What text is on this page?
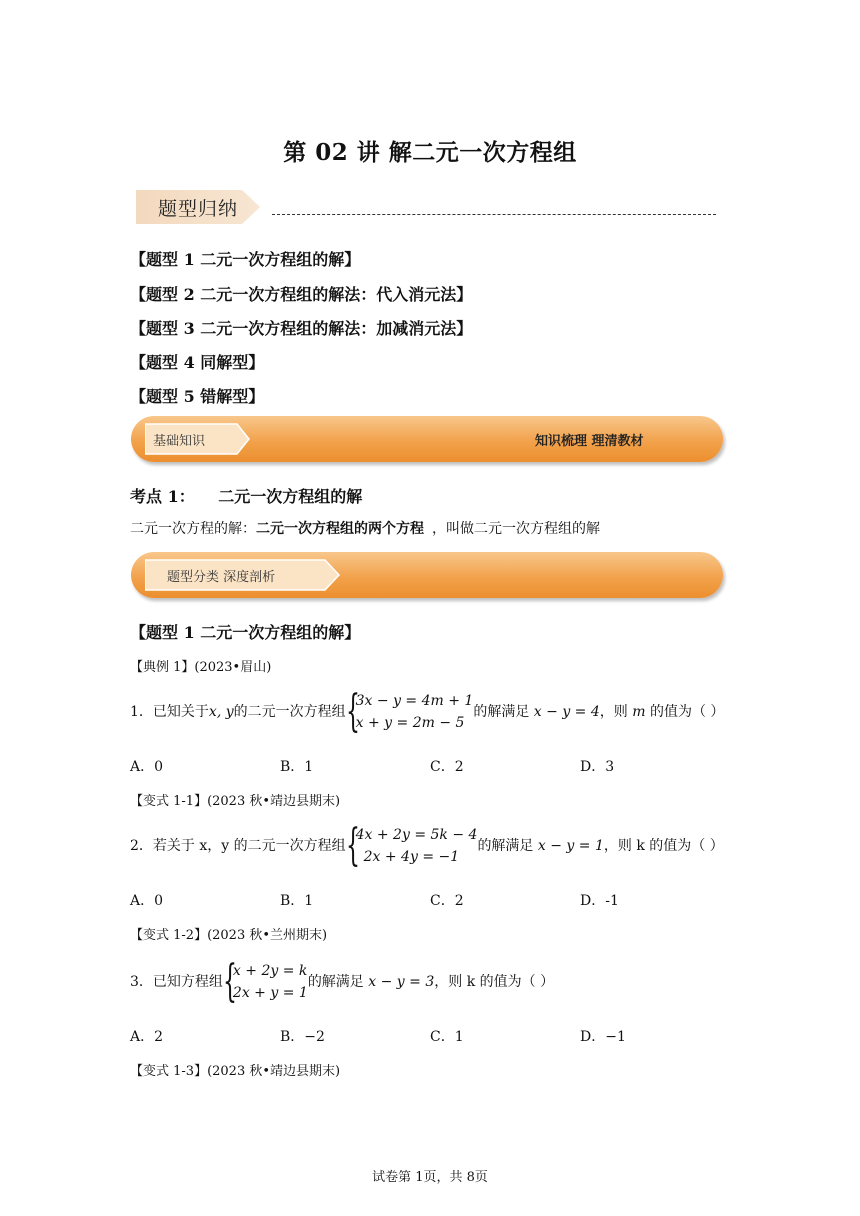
第 02 讲 解二元一次方程组
题型归纳
【题型 1 二元一次方程组的解】
【题型 2 二元一次方程组的解法：代入消元法】
【题型 3 二元一次方程组的解法：加减消元法】
【题型 4 同解型】
【题型 5 错解型】
基础知识	知识梳理 理清教材
考点 1： 二元一次方程组的解
二元一次方程的解：二元一次方程组的两个方程 ，叫做二元一次方程组的解
题型分类 深度剖析
【题型 1 二元一次方程组的解】
【典例 1】(2023•眉山)
1．已知关于x, y的二元一次方程组 {
3x − y = 4m + 1
x + y = 2m − 5
的解满足 x − y = 4，则 m 的值为（ ）
A．0	B．1	C．2	D．3
【变式 1-1】(2023 秋•靖边县期末)
2．若关于 x，y 的二元一次方程组 {
4x + 2y = 5k − 4
2x + 4y = −1
的解满足 x − y = 1，则 k 的值为（ ）
A．0	B．1	C．2	D．-1
【变式 1-2】(2023 秋•兰州期末)
3．已知方程组 {
x + 2y = k
2x + y = 1
的解满足 x − y = 3，则 k 的值为（ ）
A．2	B．−2	C．1	D．−1
【变式 1-3】(2023 秋•靖边县期末)
试卷第 1页，共 8页
